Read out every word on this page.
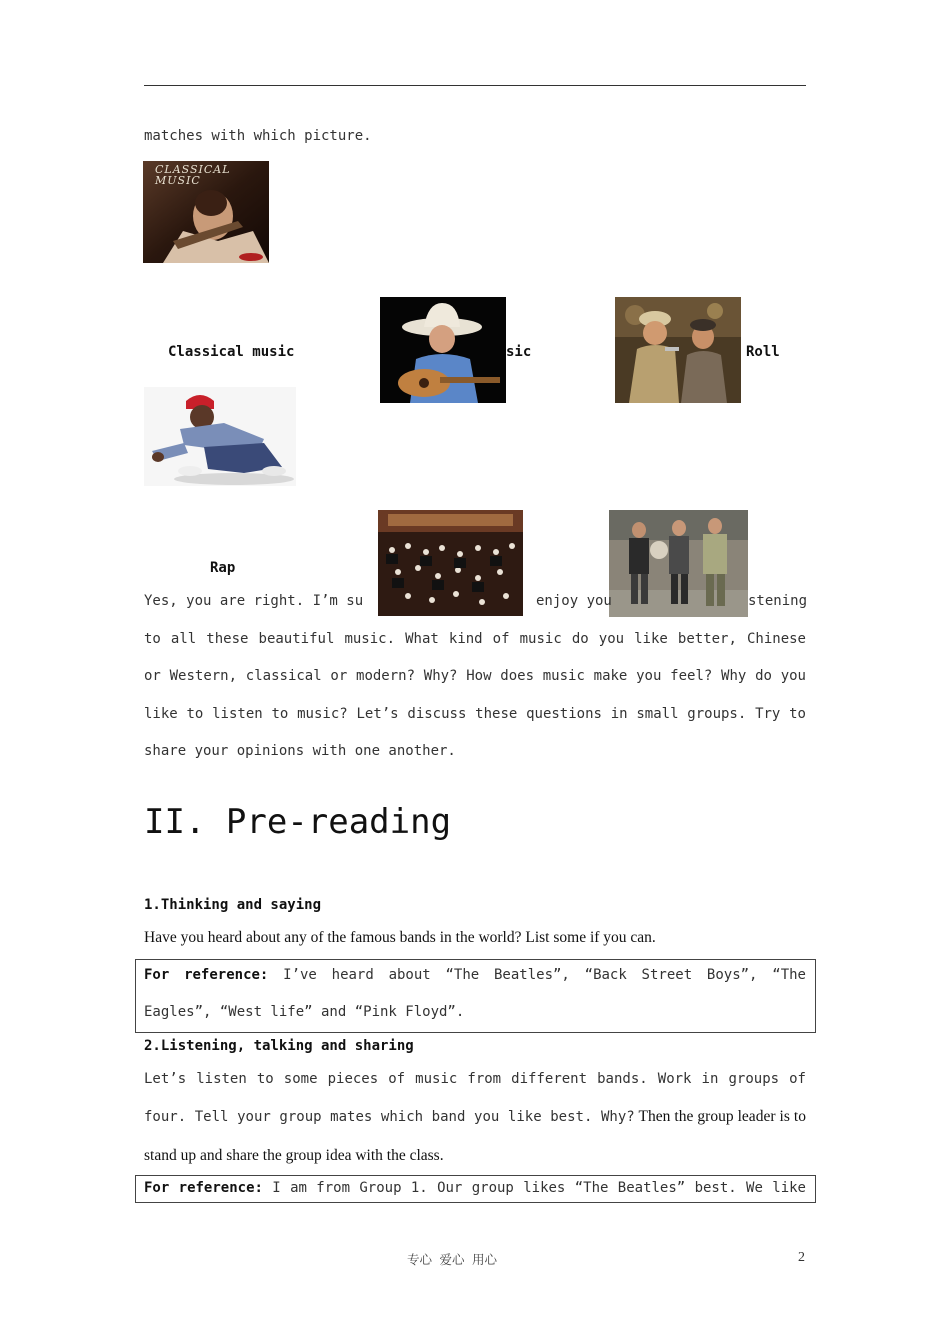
matches with which picture.
CLASSICAL
MUSIC
Classical music	sic	Roll
Rap
Yes, you are right. I’m su	enjoy you	stening
to all these beautiful music. What kind of music do you like better, Chinese or Western, classical or modern? Why? How does music make you feel? Why do you like to listen to music? Let’s discuss these questions in small groups. Try to share your opinions with one another.
II. Pre-reading
1.Thinking and saying
Have you heard about any of the famous bands in the world? List some if you can.
For reference: I’ve heard about “The Beatles”, “Back Street Boys”, “The Eagles”, “West life” and “Pink Floyd”.
2.Listening, talking and sharing
Let’s listen to some pieces of music from different bands. Work in groups of four. Tell your group mates which band you like best. Why? Then the group leader is to stand up and share the group idea with the class.
For reference: I am from Group 1. Our group likes “The Beatles” best. We like
专心 爱心 用心	2
